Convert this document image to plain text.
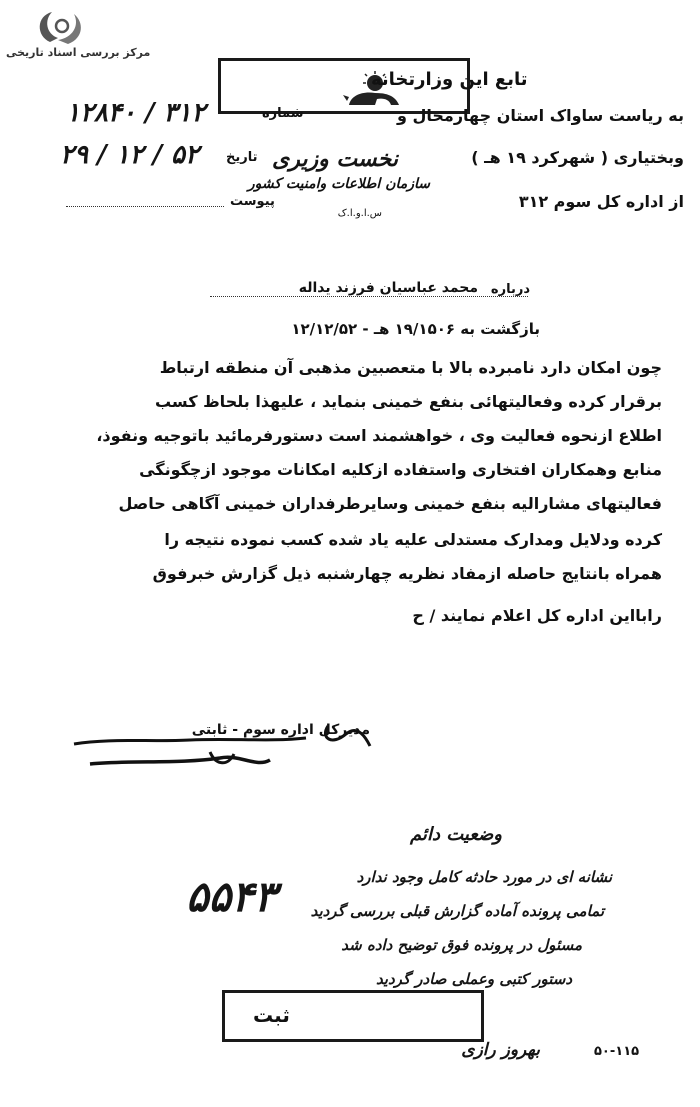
مرکز بررسی اسناد تاریخی
تابع این وزارتخانه
به ریاست ساواک استان چهارمحال و
وبختیاری ( شهرکرد ۱۹ هـ )
از اداره کل سوم ۳۱۲
نخست وزیری
سازمان اطلاعات وامنیت کشور
س.ا.و.ا.ک
شماره
۱۲۸۴۰ / ۳۱۲
تاریخ
۲۹ / ۱۲ / ۵۲
پیوست
درباره
محمد عباسیان فرزند یداله
بازگشت به ۱۹/۱۵۰۶ هـ - ۱۲/۱۲/۵۲
چون امکان دارد نامبرده بالا با متعصبین مذهبی آن منطقه ارتباط
برقرار کرده وفعالیتهائی بنفع خمینی بنماید ، علیهذا بلحاظ کسب
اطلاع ازنحوه فعالیت وی ، خواهشمند است دستورفرمائید باتوجیه ونفوذ،
منابع وهمکاران افتخاری واستفاده ازکلیه امکانات موجود ازچگونگی
فعالیتهای مشارالیه بنفع خمینی وسایرطرفداران خمینی آگاهی حاصل
کرده ودلایل ومدارک مستدلی علیه یاد شده کسب نموده نتیجه را
همراه بانتایج حاصله ازمفاد نظریه چهارشنبه ذیل گزارش خبرفوق
رابااین اداره کل اعلام نمایند / ح
مدیرکل اداره سوم - ثابتی
۵۵۴۳
وضعیت دائم
نشانه ای در مورد حادثه کامل وجود ندارد
تمامی پرونده آماده گزارش قبلی بررسی گردید
مسئول در پرونده فوق توضیح داده شد
دستور کتبی وعملی صادر گردید
بهروز رازی
ثبت
۵۰-۱۱۵
